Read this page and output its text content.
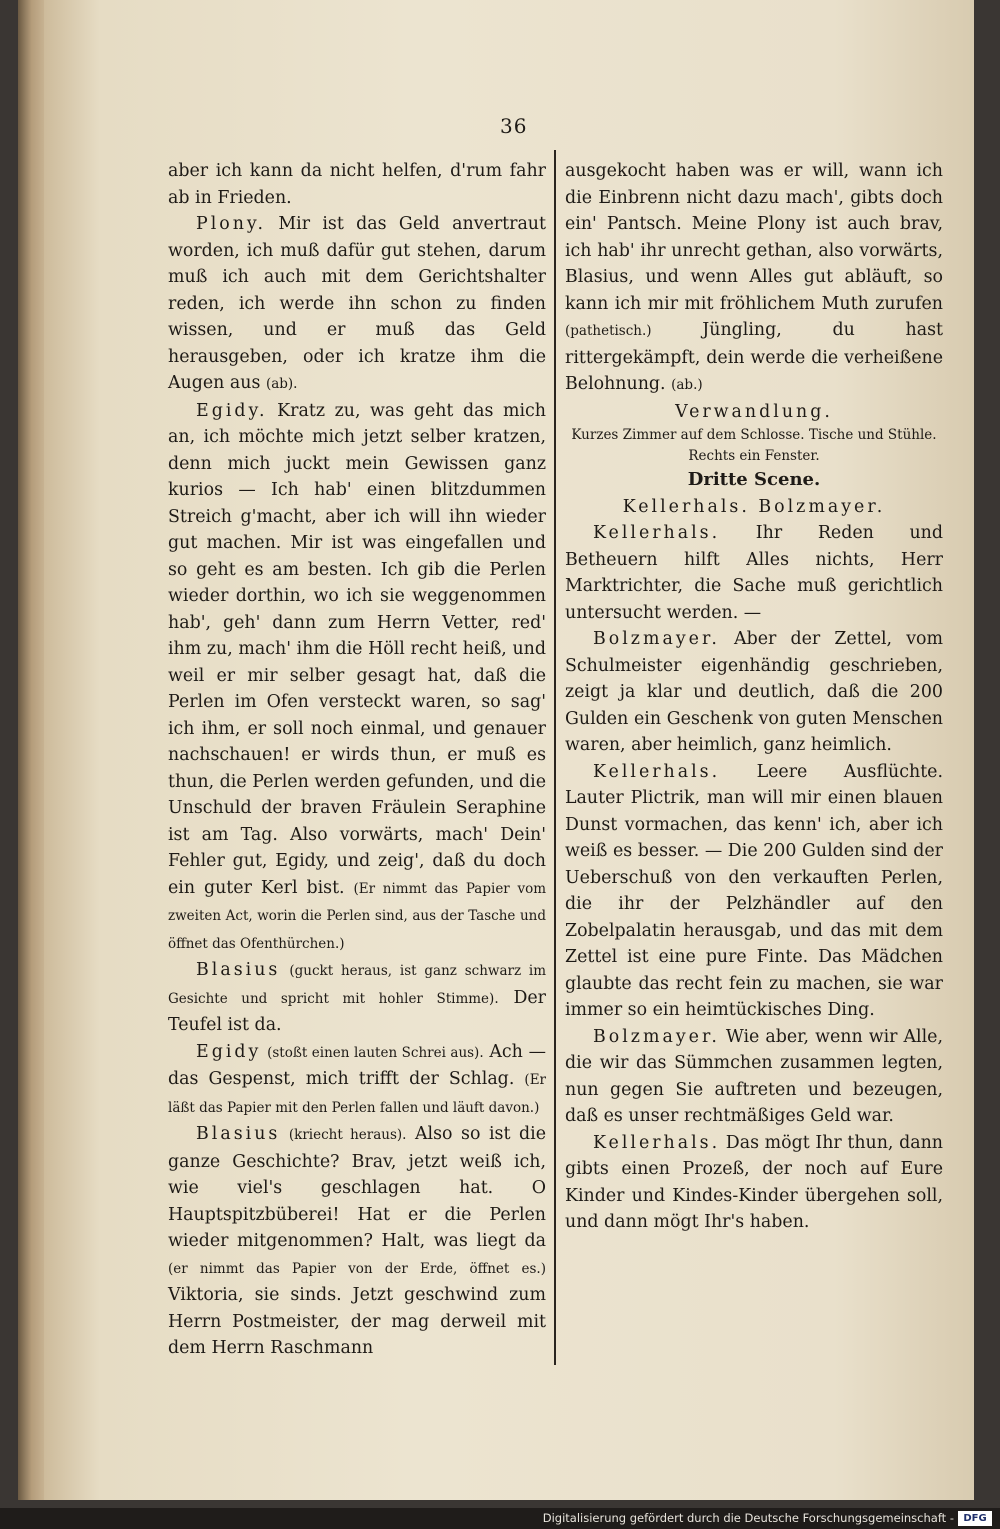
36

aber ich kann da nicht helfen, d'rum fahr ab in Frieden.

Plony. Mir ist das Geld anvertraut worden, ich muß dafür gut stehen, darum muß ich auch mit dem Gerichtshalter reden, ich werde ihn schon zu finden wissen, und er muß das Geld herausgeben, oder ich kratze ihm die Augen aus (ab).

Egidy. Kratz zu, was geht das mich an, ich möchte mich jetzt selber kratzen, denn mich juckt mein Gewissen ganz kurios — Ich hab' einen blitzdummen Streich g'macht, aber ich will ihn wieder gut machen. Mir ist was eingefallen und so geht es am besten. Ich gib die Perlen wieder dorthin, wo ich sie weggenommen hab', geh' dann zum Herrn Vetter, red' ihm zu, mach' ihm die Höll recht heiß, und weil er mir selber gesagt hat, daß die Perlen im Ofen versteckt waren, so sag' ich ihm, er soll noch einmal, und genauer nachschauen! er wirds thun, er muß es thun, die Perlen werden gefunden, und die Unschuld der braven Fräulein Seraphine ist am Tag. Also vorwärts, mach' Dein' Fehler gut, Egidy, und zeig', daß du doch ein guter Kerl bist. (Er nimmt das Papier vom zweiten Act, worin die Perlen sind, aus der Tasche und öffnet das Ofenthürchen.)

Blasius (guckt heraus, ist ganz schwarz im Gesichte und spricht mit hohler Stimme). Der Teufel ist da.

Egidy (stoßt einen lauten Schrei aus). Ach — das Gespenst, mich trifft der Schlag. (Er läßt das Papier mit den Perlen fallen und läuft davon.)

Blasius (kriecht heraus). Also so ist die ganze Geschichte? Brav, jetzt weiß ich, wie viel's geschlagen hat. O Hauptspitzbüberei! Hat er die Perlen wieder mitgenommen? Halt, was liegt da (er nimmt das Papier von der Erde, öffnet es.) Viktoria, sie sinds. Jetzt geschwind zum Herrn Postmeister, der mag derweil mit dem Herrn Raschmann

ausgekocht haben was er will, wann ich die Einbrenn nicht dazu mach', gibts doch ein' Pantsch. Meine Plony ist auch brav, ich hab' ihr unrecht gethan, also vorwärts, Blasius, und wenn Alles gut abläuft, so kann ich mir mit fröhlichem Muth zurufen (pathetisch.)	Jüngling, du hast rittergekämpft, dein werde die verheißene Belohnung. (ab.)

Verwandlung.

Kurzes Zimmer auf dem Schlosse. Tische und Stühle. Rechts ein Fenster.

Dritte Scene.

Kellerhals. Bolzmayer.

Kellerhals. Ihr Reden und Betheuern hilft Alles nichts, Herr Marktrichter, die Sache muß gerichtlich untersucht werden. —

Bolzmayer. Aber der Zettel, vom Schulmeister eigenhändig geschrieben, zeigt ja klar und deutlich, daß die 200 Gulden ein Geschenk von guten Menschen waren, aber heimlich, ganz heimlich.

Kellerhals. Leere Ausflüchte. Lauter Plictrik, man will mir einen blauen Dunst vormachen, das kenn' ich, aber ich weiß es besser. — Die 200 Gulden sind der Ueberschuß von den verkauften Perlen, die ihr der Pelzhändler auf den Zobelpalatin herausgab, und das mit dem Zettel ist eine pure Finte. Das Mädchen glaubte das recht fein zu machen, sie war immer so ein heimtückisches Ding.

Bolzmayer. Wie aber, wenn wir Alle, die wir das Sümmchen zusammen legten, nun gegen Sie auftreten und bezeugen, daß es unser rechtmäßiges Geld war.

Kellerhals. Das mögt Ihr thun, dann gibts einen Prozeß, der noch auf Eure Kinder und Kindes-Kinder übergehen soll, und dann mögt Ihr's haben.

Digitalisierung gefördert durch die Deutsche Forschungsgemeinschaft - DFG
